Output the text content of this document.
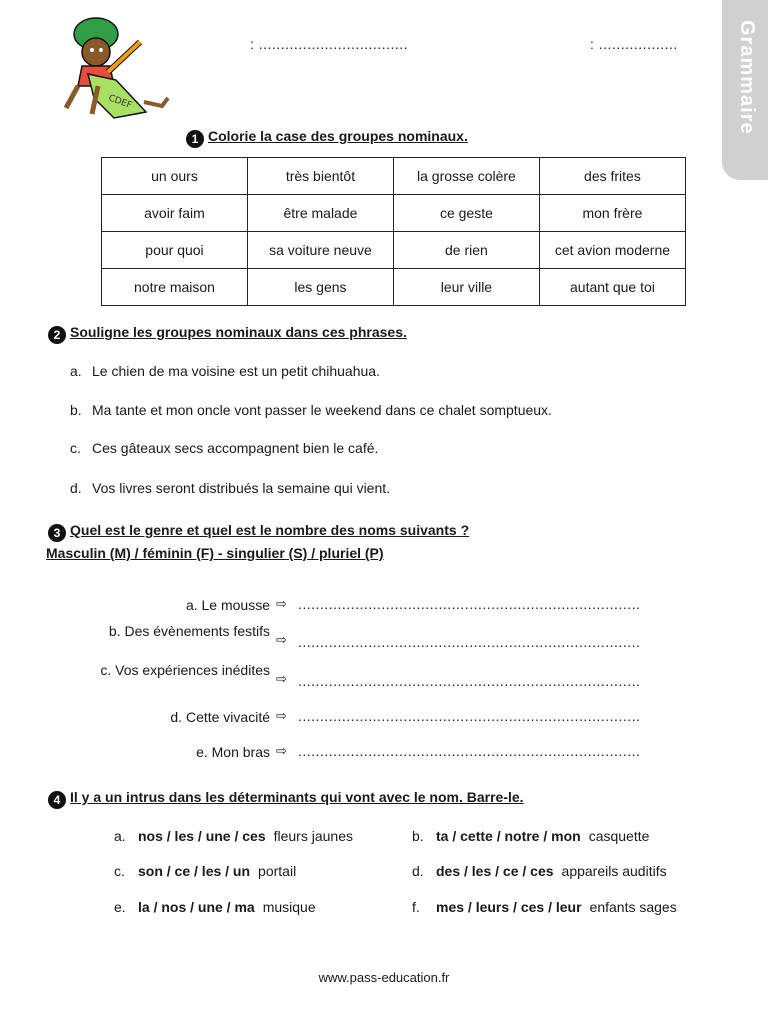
Grammaire
CDEF
: ..................................	: ..................
1 Colorie la case des groupes nominaux.
un ours	très bientôt	la grosse colère	des frites
avoir faim	être malade	ce geste	mon frère
pour quoi	sa voiture neuve	de rien	cet avion moderne
notre maison	les gens	leur ville	autant que toi
2 Souligne les groupes nominaux dans ces phrases.
a. Le chien de ma voisine est un petit chihuahua.
b. Ma tante et mon oncle vont passer le weekend dans ce chalet somptueux.
c. Ces gâteaux secs accompagnent bien le café.
d. Vos livres seront distribués la semaine qui vient.
3 Quel est le genre et quel est le nombre des noms suivants ?
Masculin (M) / féminin (F) - singulier (S) / pluriel (P)
a. Le mousse ⇨ ..............................................................................
b. Des évènements festifs
⇨ ..............................................................................
c. Vos expériences inédites
⇨ ..............................................................................
d. Cette vivacité ⇨ ..............................................................................
e. Mon bras ⇨ ..............................................................................
4 Il y a un intrus dans les déterminants qui vont avec le nom. Barre-le.
a. nos / les / une / ces fleurs jaunes	b. ta / cette / notre / mon casquette
c. son / ce / les / un portail	d. des / les / ce / ces appareils auditifs
e. la / nos / une / ma musique	f. mes / leurs / ces / leur enfants sages
www.pass-education.fr
